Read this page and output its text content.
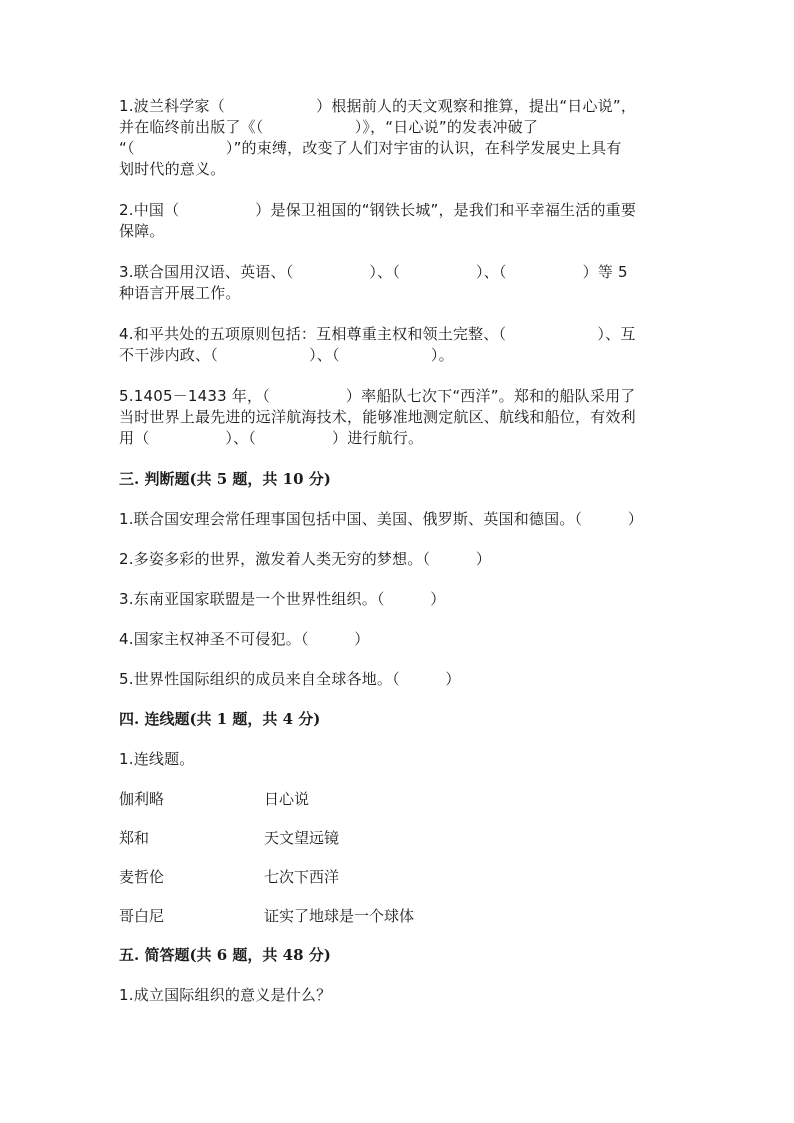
1.波兰科学家（　　　　　　）根据前人的天文观察和推算，提出“日心说”，
并在临终前出版了《（　　　　　　）》，“日心说”的发表冲破了
“（　　　　　　）”的束缚，改变了人们对宇宙的认识，在科学发展史上具有
划时代的意义。
2.中国（　　　　　）是保卫祖国的“钢铁长城”，是我们和平幸福生活的重要
保障。
3.联合国用汉语、英语、（　　　　　）、（　　　　　）、（　　　　　）等 5
种语言开展工作。
4.和平共处的五项原则包括：互相尊重主权和领土完整、（　　　　　　）、互
不干涉内政、（　　　　　　）、（　　　　　　）。
5.1405－1433 年，（　　　　　）率船队七次下“西洋”。郑和的船队采用了
当时世界上最先进的远洋航海技术，能够准地测定航区、航线和船位，有效利
用（　　　　　）、（　　　　　）进行航行。
三. 判断题(共 5 题，共 10 分)
1.联合国安理会常任理事国包括中国、美国、俄罗斯、英国和德国。（　　　）
2.多姿多彩的世界，激发着人类无穷的梦想。（　　　）
3.东南亚国家联盟是一个世界性组织。（　　　）
4.国家主权神圣不可侵犯。（　　　）
5.世界性国际组织的成员来自全球各地。（　　　）
四. 连线题(共 1 题，共 4 分)
1.连线题。
伽利略	日心说
郑和	天文望远镜
麦哲伦	七次下西洋
哥白尼	证实了地球是一个球体
五. 简答题(共 6 题，共 48 分)
1.成立国际组织的意义是什么？
